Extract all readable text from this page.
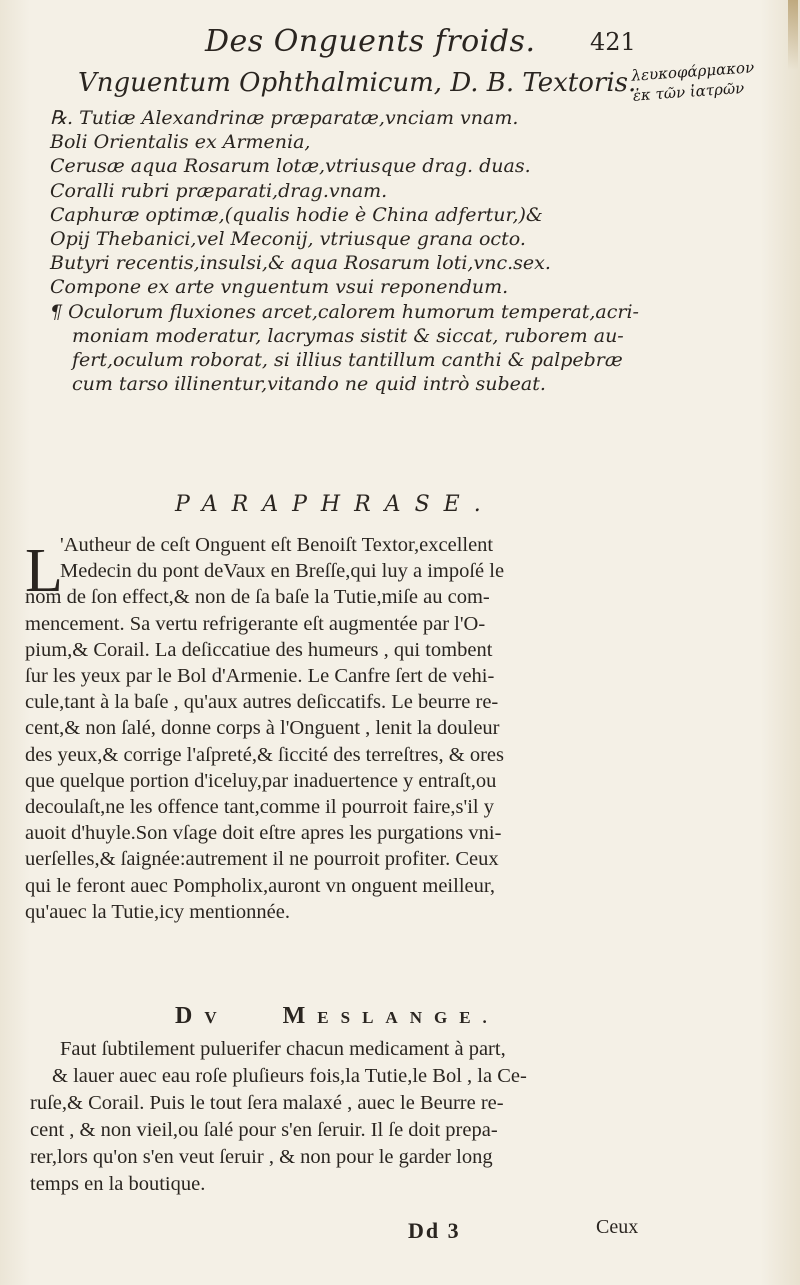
Des Onguents froids. 421
Vnguentum Ophthalmicum, D. B. Textoris.
λευκοφάρμακον
ἐκ τῶν ἰατρῶν
℞. Tutiæ Alexandrinæ præparatæ,vnciam vnam.
Boli Orientalis ex Armenia,
Cerusæ aqua Rosarum lotæ,vtriusque drag. duas.
Coralli rubri præparati,drag.vnam.
Caphuræ optimæ,(qualis hodie è China adfertur,)&
Opij Thebanici,vel Meconij, vtriusque grana octo.
Butyri recentis,insulsi,& aqua Rosarum loti,vnc.sex.
Compone ex arte vnguentum vsui reponendum.
¶ Oculorum fluxiones arcet,calorem humorum temperat,acri-
moniam moderatur, lacrymas sistit & siccat, ruborem au-
fert,oculum roborat, si illius tantillum canthi & palpebræ
cum tarso illinentur,vitando ne quid intrò subeat.
PARAPHRASE.
L
'Autheur de ceſt Onguent eſt Benoiſt Textor,excellent
Medecin du pont deVaux en Breſſe,qui luy a impoſé le
nom de ſon effect,& non de ſa baſe la Tutie,miſe au com-
mencement. Sa vertu refrigerante eſt augmentée par l'O-
pium,& Corail. La deſiccatiue des humeurs , qui tombent
ſur les yeux par le Bol d'Armenie. Le Canfre ſert de vehi-
cule,tant à la baſe , qu'aux autres deſiccatifs. Le beurre re-
cent,& non ſalé, donne corps à l'Onguent , lenit la douleur
des yeux,& corrige l'aſpreté,& ſiccité des terreſtres, & ores
que quelque portion d'iceluy,par inaduertence y entraſt,ou
decoulaſt,ne les offence tant,comme il pourroit faire,s'il y
auoit d'huyle.Son vſage doit eſtre apres les purgations vni-
uerſelles,& ſaignée:autrement il ne pourroit profiter. Ceux
qui le feront auec Pompholix,auront vn onguent meilleur,
qu'auec la Tutie,icy mentionnée.
DV MESLANGE.
Faut ſubtilement puluerifer chacun medicament à part,
& lauer auec eau roſe pluſieurs fois,la Tutie,le Bol , la Ce-
ruſe,& Corail. Puis le tout ſera malaxé , auec le Beurre re-
cent , & non vieil,ou ſalé pour s'en ſeruir. Il ſe doit prepa-
rer,lors qu'on s'en veut ſeruir , & non pour le garder long
temps en la boutique.
Dd 3	Ceux
